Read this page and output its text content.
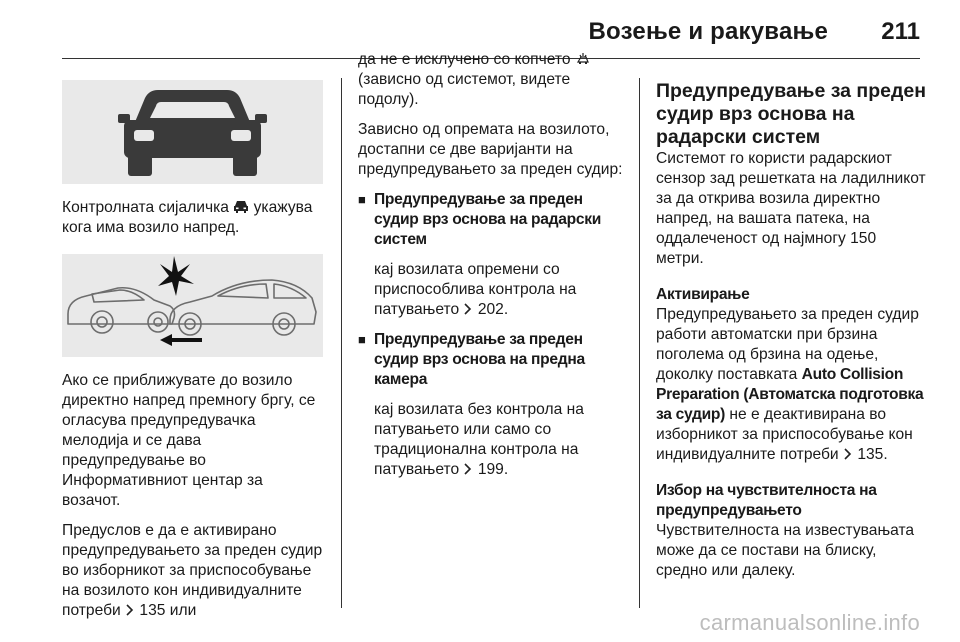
Возење и ракување 211

Контролната сијаличка  укажува кога има возило напред.

Ако се приближувате до возило директно напред премногу бргу, се огласува предупредувачка мелодија и се дава предупредување во Информативниот центар за возачот.

Предуслов е да е активирано предупредувањето за преден судир во изборникот за приспособување на возилото кон индивидуалните потреби  135 или

да не е исклучено со копчето  (зависно од системот, видете подолу).

Зависно од опремата на возилото, достапни се две варијанти на предупредувањето за преден судир:

■ Предупредување за преден судир врз основа на радарски систем
кај возилата опремени со приспособлива контрола на патувањето  202.
■ Предупредување за преден судир врз основа на предна камера
кај возилата без контрола на патувањето или само со традиционална контрола на патувањето  199.
Предупредување за преден судир врз основа на радарски систем

Системот го користи радарскиот сензор зад решетката на ладилникот за да открива возила директно напред, на вашата патека, на оддалеченост од најмногу 150 метри.

Активирање

Предупредувањето за преден судир работи автоматски при брзина поголема од брзина на одење, доколку поставката Auto Collision Preparation (Автоматска подготовка за судир) не е деактивирана во изборникот за приспособување кон индивидуалните потреби  135.

Избор на чувствителноста на предупредувањето

Чувствителноста на известувањата може да се постави на блиску, средно или далеку.

carmanualsonline.info
